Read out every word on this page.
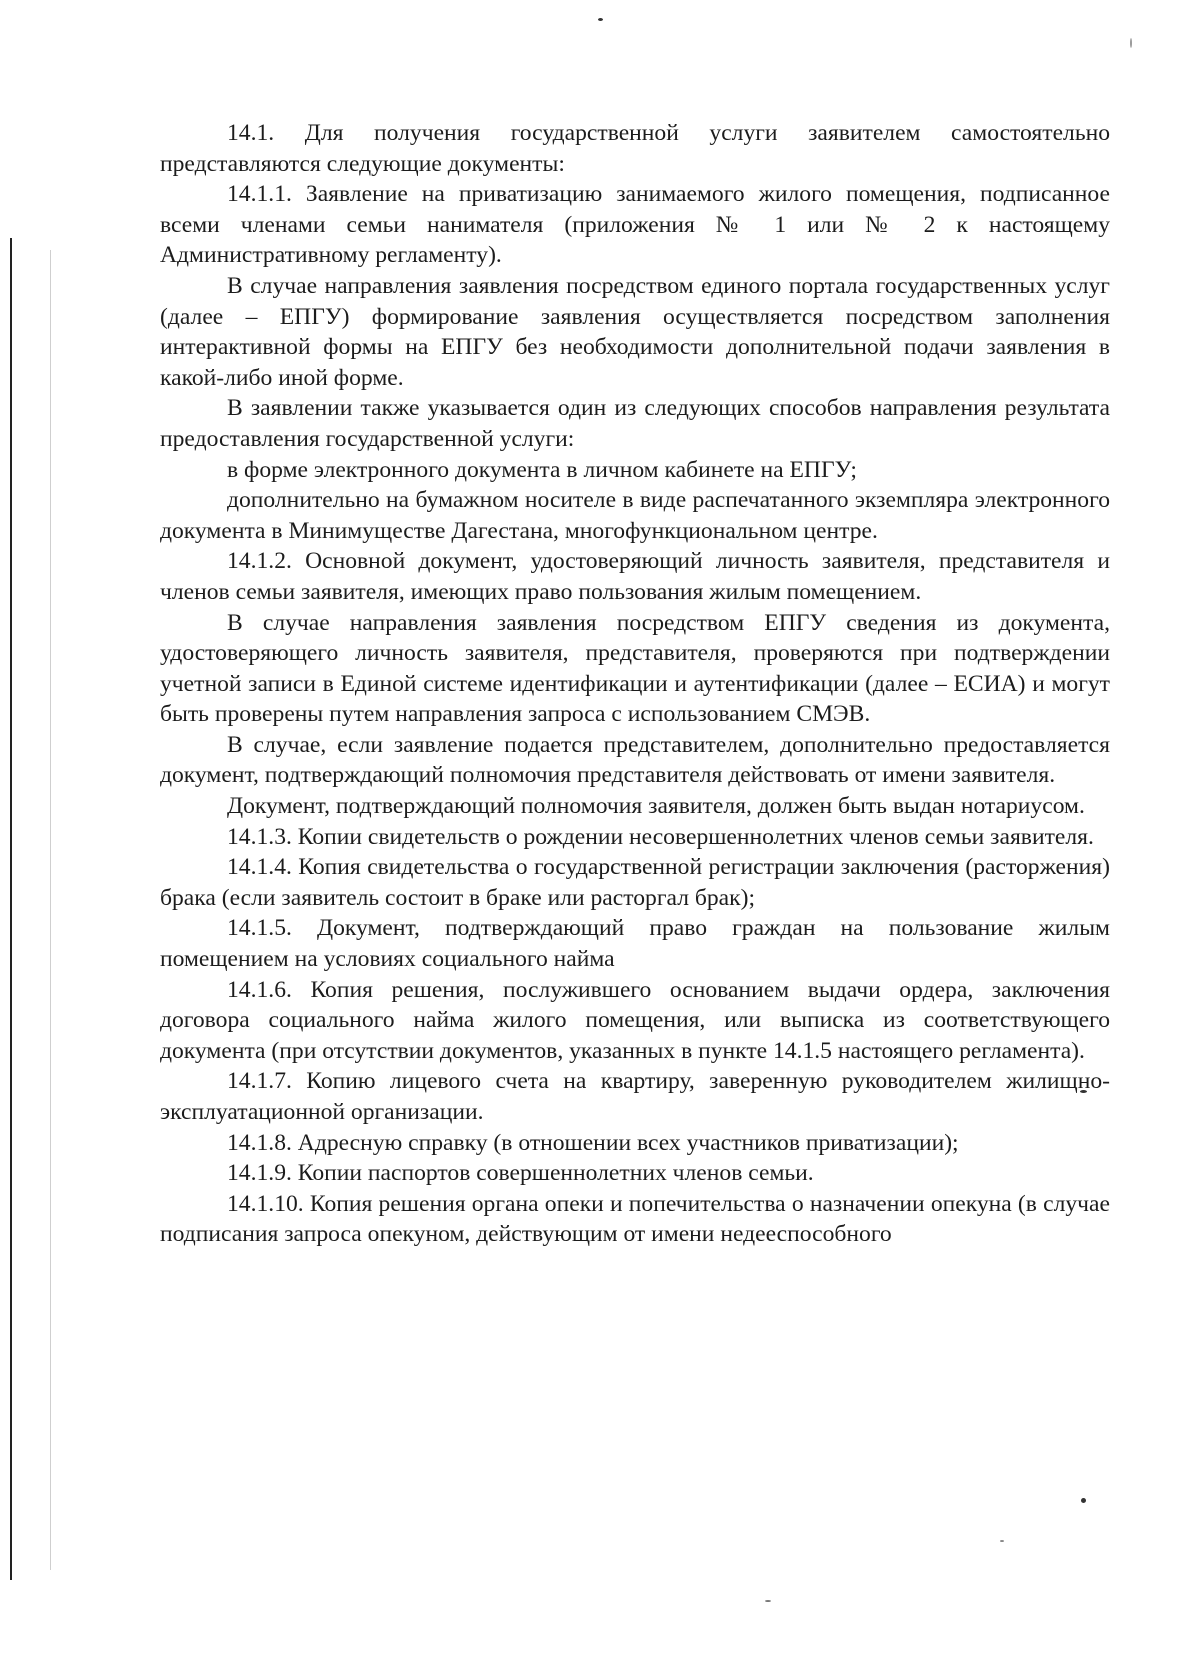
14.1. Для получения государственной услуги заявителем самостоятельно представляются следующие документы:

14.1.1. Заявление на приватизацию занимаемого жилого помещения, подписанное всеми членами семьи нанимателя (приложения № 1 или № 2 к настоящему Административному регламенту).

В случае направления заявления посредством единого портала государственных услуг (далее – ЕПГУ) формирование заявления осуществляется посредством заполнения интерактивной формы на ЕПГУ без необходимости дополнительной подачи заявления в какой-либо иной форме.

В заявлении также указывается один из следующих способов направления результата предоставления государственной услуги:

в форме электронного документа в личном кабинете на ЕПГУ;

дополнительно на бумажном носителе в виде распечатанного экземпляра электронного документа в Минимуществе Дагестана, многофункциональном центре.

14.1.2. Основной документ, удостоверяющий личность заявителя, представителя и членов семьи заявителя, имеющих право пользования жилым помещением.

В случае направления заявления посредством ЕПГУ сведения из документа, удостоверяющего личность заявителя, представителя, проверяются при подтверждении учетной записи в Единой системе идентификации и аутентификации (далее – ЕСИА) и могут быть проверены путем направления запроса с использованием СМЭВ.

В случае, если заявление подается представителем, дополнительно предоставляется документ, подтверждающий полномочия представителя действовать от имени заявителя.

Документ, подтверждающий полномочия заявителя, должен быть выдан нотариусом.

14.1.3. Копии свидетельств о рождении несовершеннолетних членов семьи заявителя.

14.1.4. Копия свидетельства о государственной регистрации заключения (расторжения) брака (если заявитель состоит в браке или расторгал брак);

14.1.5. Документ, подтверждающий право граждан на пользование жилым помещением на условиях социального найма

14.1.6. Копия решения, послужившего основанием выдачи ордера, заключения договора социального найма жилого помещения, или выписка из соответствующего документа (при отсутствии документов, указанных в пункте 14.1.5 настоящего регламента).

14.1.7. Копию лицевого счета на квартиру, заверенную руководителем жилищно-эксплуатационной организации.

14.1.8. Адресную справку (в отношении всех участников приватизации);

14.1.9. Копии паспортов совершеннолетних членов семьи.

14.1.10. Копия решения органа опеки и попечительства о назначении опекуна (в случае подписания запроса опекуном, действующим от имени недееспособного
